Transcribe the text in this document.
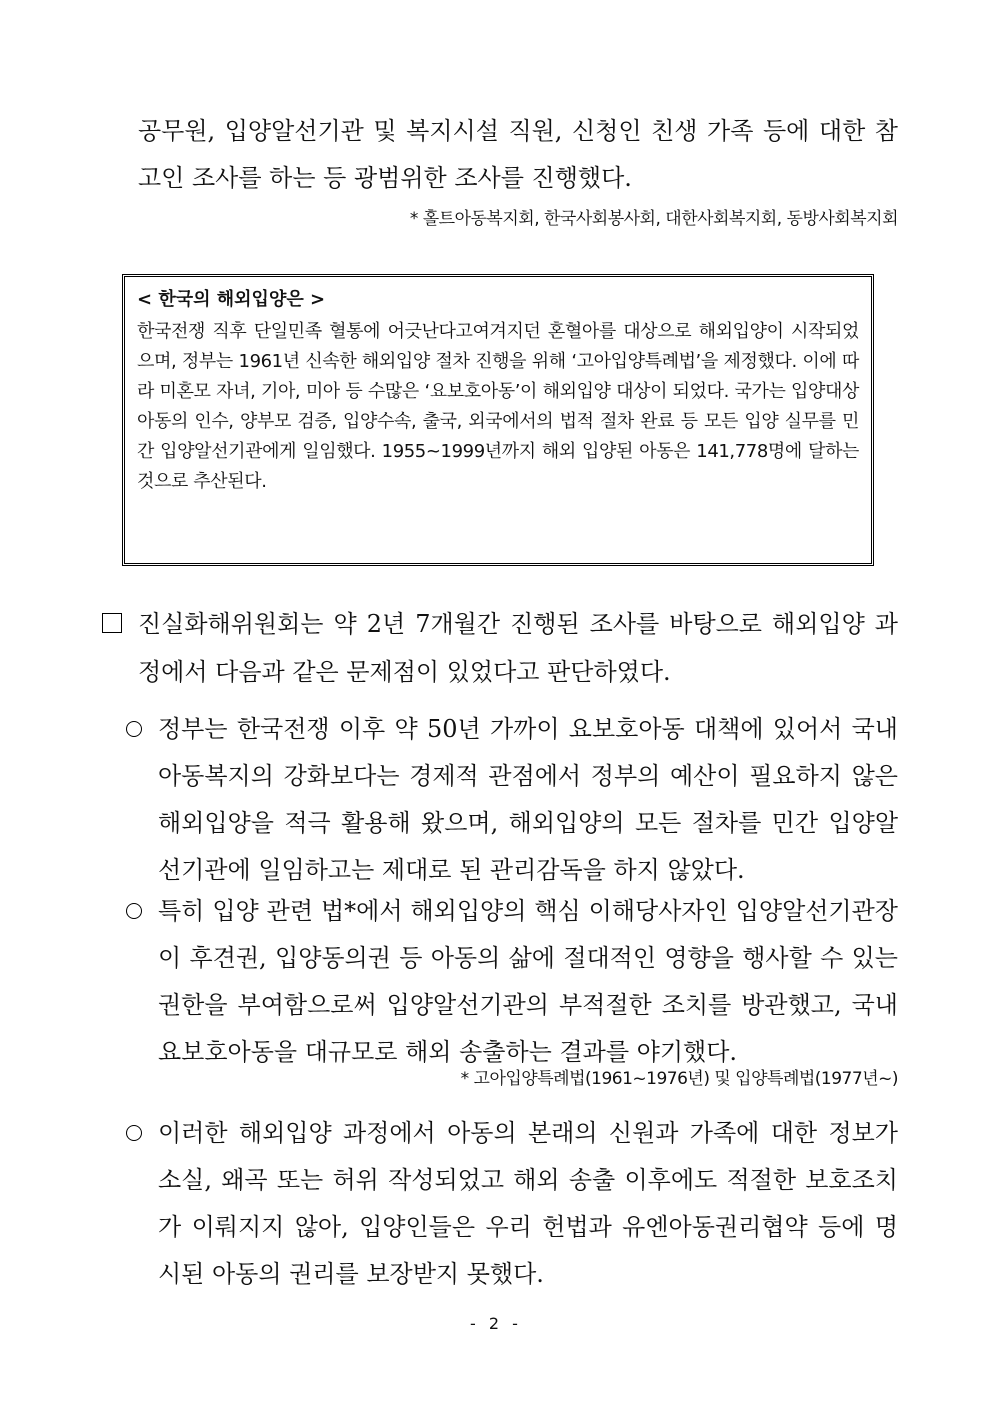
공무원, 입양알선기관 및 복지시설 직원, 신청인 친생 가족 등에 대한 참고인 조사를 하는 등 광범위한 조사를 진행했다.

* 홀트아동복지회, 한국사회봉사회, 대한사회복지회, 동방사회복지회

< 한국의 해외입양은 >

한국전쟁 직후 단일민족 혈통에 어긋난다고여겨지던 혼혈아를 대상으로 해외입양이 시작되었으며, 정부는 1961년 신속한 해외입양 절차 진행을 위해 ‘고아입양특례법’을 제정했다. 이에 따라 미혼모 자녀, 기아, 미아 등 수많은 ‘요보호아동’이 해외입양 대상이 되었다. 국가는 입양대상아동의 인수, 양부모 검증, 입양수속, 출국, 외국에서의 법적 절차 완료 등 모든 입양 실무를 민간 입양알선기관에게 일임했다. 1955~1999년까지 해외 입양된 아동은 141,778명에 달하는 것으로 추산된다.

진실화해위원회는 약 2년 7개월간 진행된 조사를 바탕으로 해외입양 과정에서 다음과 같은 문제점이 있었다고 판단하였다.

정부는 한국전쟁 이후 약 50년 가까이 요보호아동 대책에 있어서 국내 아동복지의 강화보다는 경제적 관점에서 정부의 예산이 필요하지 않은 해외입양을 적극 활용해 왔으며, 해외입양의 모든 절차를 민간 입양알선기관에 일임하고는 제대로 된 관리감독을 하지 않았다.

특히 입양 관련 법*에서 해외입양의 핵심 이해당사자인 입양알선기관장이 후견권, 입양동의권 등 아동의 삶에 절대적인 영향을 행사할 수 있는 권한을 부여함으로써 입양알선기관의 부적절한 조치를 방관했고, 국내 요보호아동을 대규모로 해외 송출하는 결과를 야기했다.

* 고아입양특례법(1961~1976년) 및 입양특례법(1977년~)

이러한 해외입양 과정에서 아동의 본래의 신원과 가족에 대한 정보가 소실, 왜곡 또는 허위 작성되었고 해외 송출 이후에도 적절한 보호조치가 이뤄지지 않아, 입양인들은 우리 헌법과 유엔아동권리협약 등에 명시된 아동의 권리를 보장받지 못했다.

- 2 -
